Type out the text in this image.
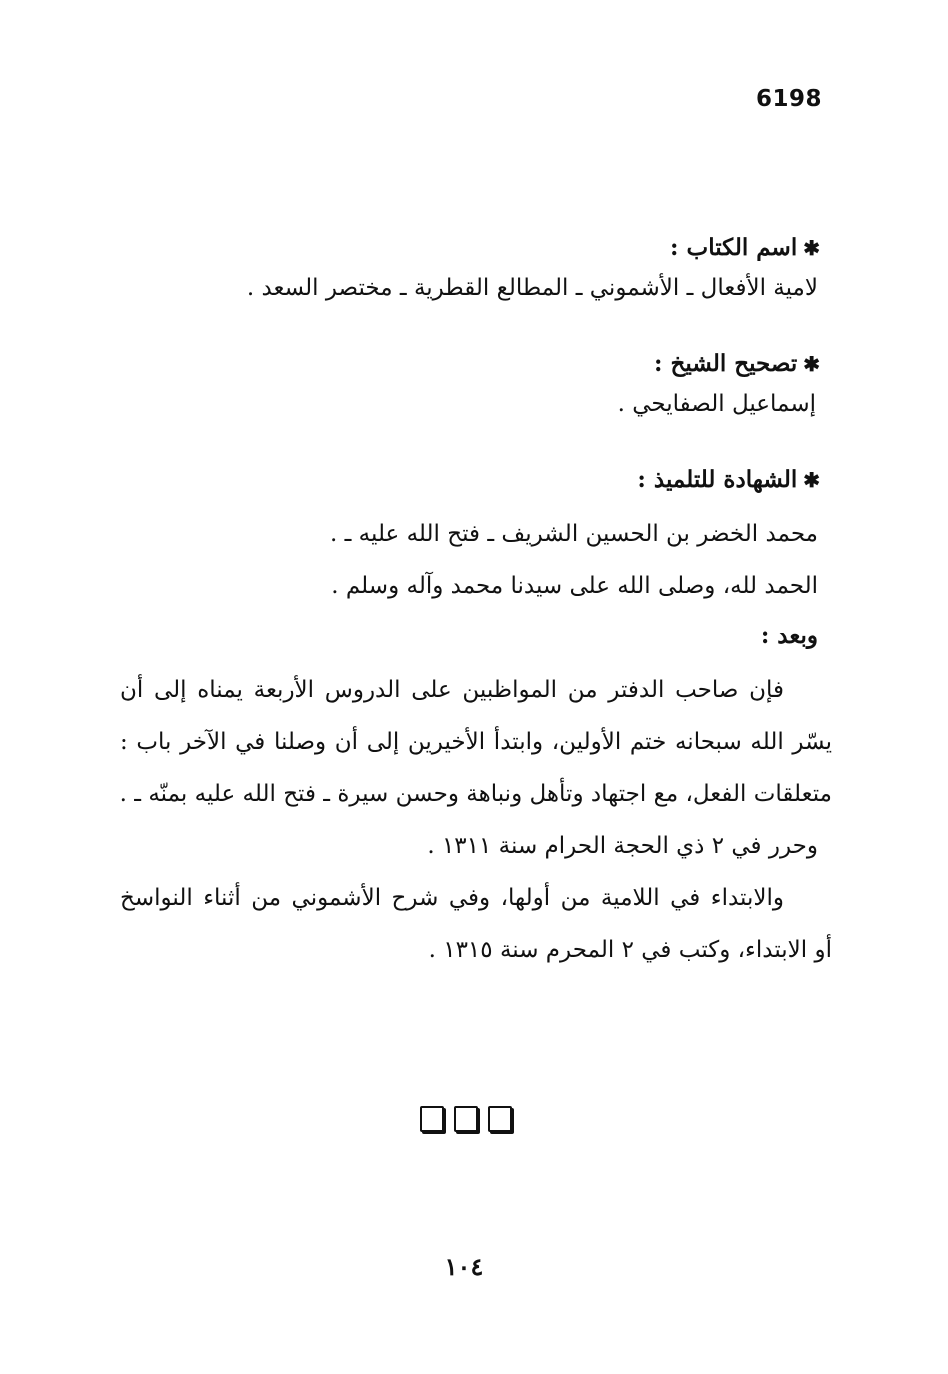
6198
✱اسم الكتاب :
لامية الأفعال ـ الأشموني ـ المطالع القطرية ـ مختصر السعد .
✱تصحيح الشيخ :
إسماعيل الصفايحي .
✱الشهادة للتلميذ :
محمد الخضر بن الحسين الشريف ـ فتح الله عليه ـ .
الحمد لله، وصلى الله على سيدنا محمد وآله وسلم .
وبعد :
فإن صاحب الدفتر من المواظبين على الدروس الأربعة يمناه إلى أن
يسّر الله سبحانه ختم الأولين، وابتدأ الأخيرين إلى أن وصلنا في الآخر باب :
متعلقات الفعل، مع اجتهاد وتأهل ونباهة وحسن سيرة ـ فتح الله عليه بمنّه ـ .
وحرر في ٢ ذي الحجة الحرام سنة ١٣١١ .
والابتداء في اللامية من أولها، وفي شرح الأشموني من أثناء النواسخ
أو الابتداء، وكتب في ٢ المحرم سنة ١٣١٥ .
١٠٤
